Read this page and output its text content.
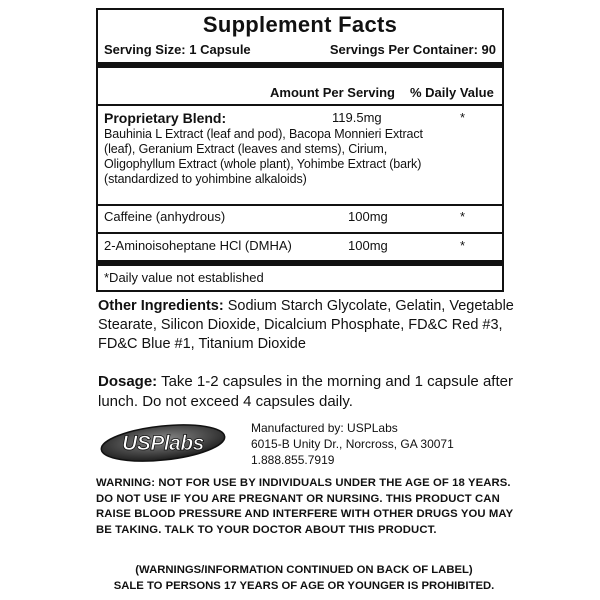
Supplement Facts
Serving Size: 1 Capsule	Servings Per Container: 90
Amount Per Serving % Daily Value
Proprietary Blend:	119.5mg	*
Bauhinia L Extract (leaf and pod), Bacopa Monnieri Extract
(leaf), Geranium Extract (leaves and stems), Cirium,
Oligophyllum Extract (whole plant), Yohimbe Extract (bark)
(standardized to yohimbine alkaloids)
Caffeine (anhydrous)	100mg	*
2-Aminoisoheptane HCl (DMHA)	100mg	*
*Daily value not established
Other Ingredients: Sodium Starch Glycolate, Gelatin, Vegetable Stearate, Silicon Dioxide, Dicalcium Phosphate, FD&C Red #3, FD&C Blue #1, Titanium Dioxide
Dosage: Take 1-2 capsules in the morning and 1 capsule after lunch. Do not exceed 4 capsules daily.
USPlabs
Manufactured by: USPLabs
6015-B Unity Dr., Norcross, GA 30071
1.888.855.7919
WARNING: NOT FOR USE BY INDIVIDUALS UNDER THE AGE OF 18 YEARS. DO NOT USE IF YOU ARE PREGNANT OR NURSING. THIS PRODUCT CAN RAISE BLOOD PRESSURE AND INTERFERE WITH OTHER DRUGS YOU MAY BE TAKING. TALK TO YOUR DOCTOR ABOUT THIS PRODUCT.
(WARNINGS/INFORMATION CONTINUED ON BACK OF LABEL)
SALE TO PERSONS 17 YEARS OF AGE OR YOUNGER IS PROHIBITED.
